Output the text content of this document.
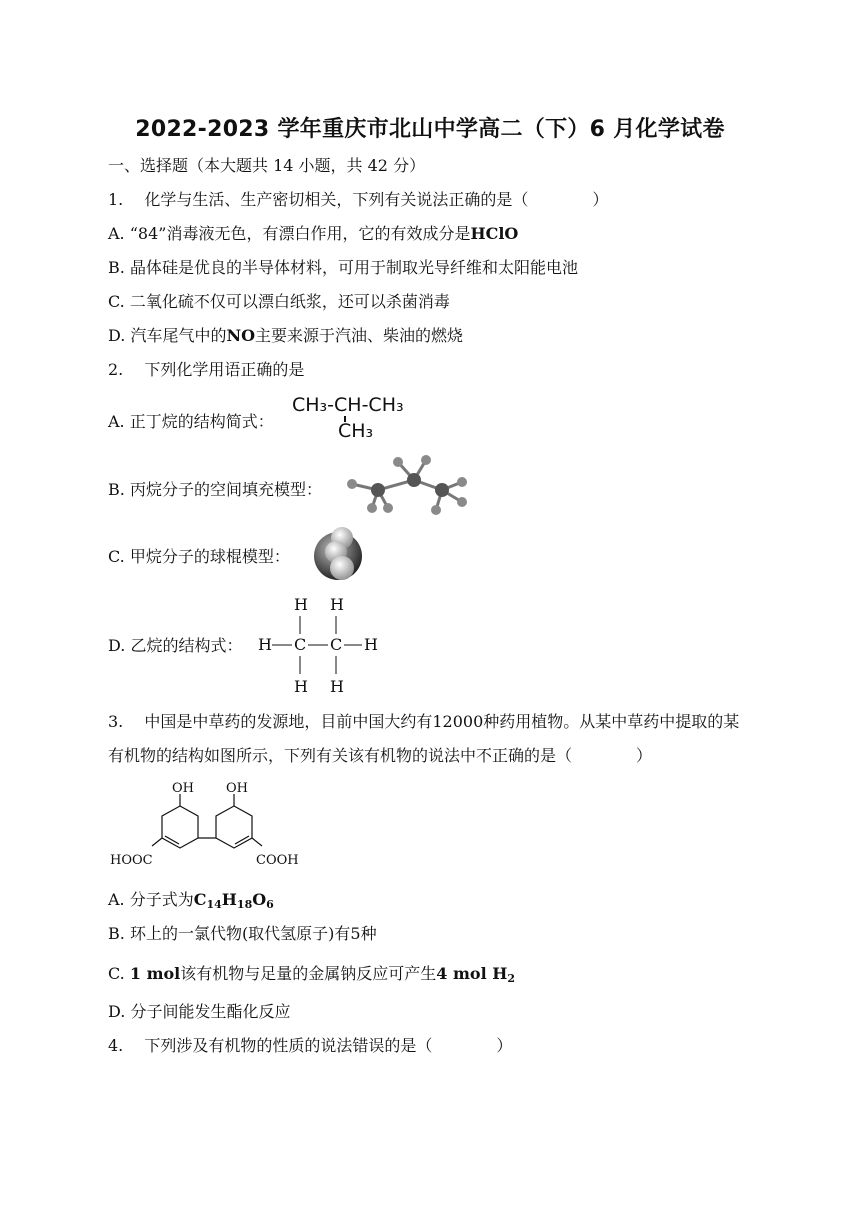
2022-2023 学年重庆市北山中学高二（下）6 月化学试卷
一、选择题（本大题共 14 小题，共 42 分）
1.　 化学与生活、生产密切相关，下列有关说法正确的是（　　　　）
A. “84”消毒液无色，有漂白作用，它的有效成分是HClO
B. 晶体硅是优良的半导体材料，可用于制取光导纤维和太阳能电池
C. 二氧化硫不仅可以漂白纸浆，还可以杀菌消毒
D. 汽车尾气中的NO主要来源于汽油、柴油的燃烧
2.　 下列化学用语正确的是
A. 正丁烷的结构简式：
CH₃-CH-CH₃
CH₃
B. 丙烷分子的空间填充模型：
C. 甲烷分子的球棍模型：
D. 乙烷的结构式：
H H
H C C H
H H
3.　 中国是中草药的发源地，目前中国大约有12000种药用植物。从某中草药中提取的某
有机物的结构如图所示，下列有关该有机物的说法中不正确的是（　　　　）
OH OH
HOOC	COOH
A. 分子式为$C_{14}H_{18}O_6$
B. 环上的一氯代物(取代氢原子)有5种
C. 1 mol该有机物与足量的金属钠反应可产生4 mol $H_2$
D. 分子间能发生酯化反应
4.　 下列涉及有机物的性质的说法错误的是（　　　　）
